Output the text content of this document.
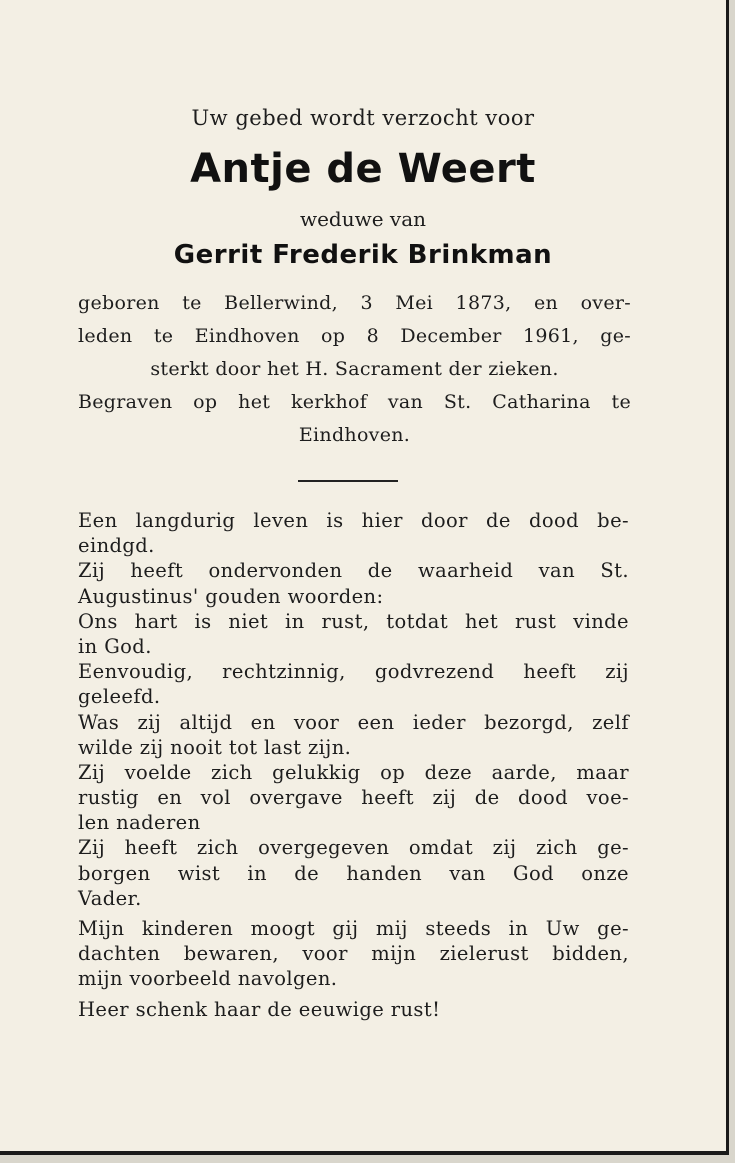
Uw gebed wordt verzocht voor
Antje de Weert
weduwe van
Gerrit Frederik Brinkman
geboren te Bellerwind, 3 Mei 1873, en over-
leden te Eindhoven op 8 December 1961, ge-
sterkt door het H. Sacrament der zieken.
Begraven op het kerkhof van St. Catharina te
Eindhoven.
Een langdurig leven is hier door de dood be-
eindgd.
Zij heeft ondervonden de waarheid van St.
Augustinus' gouden woorden:
Ons hart is niet in rust, totdat het rust vinde
in God.
Eenvoudig, rechtzinnig, godvrezend heeft zij
geleefd.
Was zij altijd en voor een ieder bezorgd, zelf
wilde zij nooit tot last zijn.
Zij voelde zich gelukkig op deze aarde, maar
rustig en vol overgave heeft zij de dood voe-
len naderen
Zij heeft zich overgegeven omdat zij zich ge-
borgen wist in de handen van God onze
Vader.
Mijn kinderen moogt gij mij steeds in Uw ge-
dachten bewaren, voor mijn zielerust bidden,
mijn voorbeeld navolgen.
Heer schenk haar de eeuwige rust!
